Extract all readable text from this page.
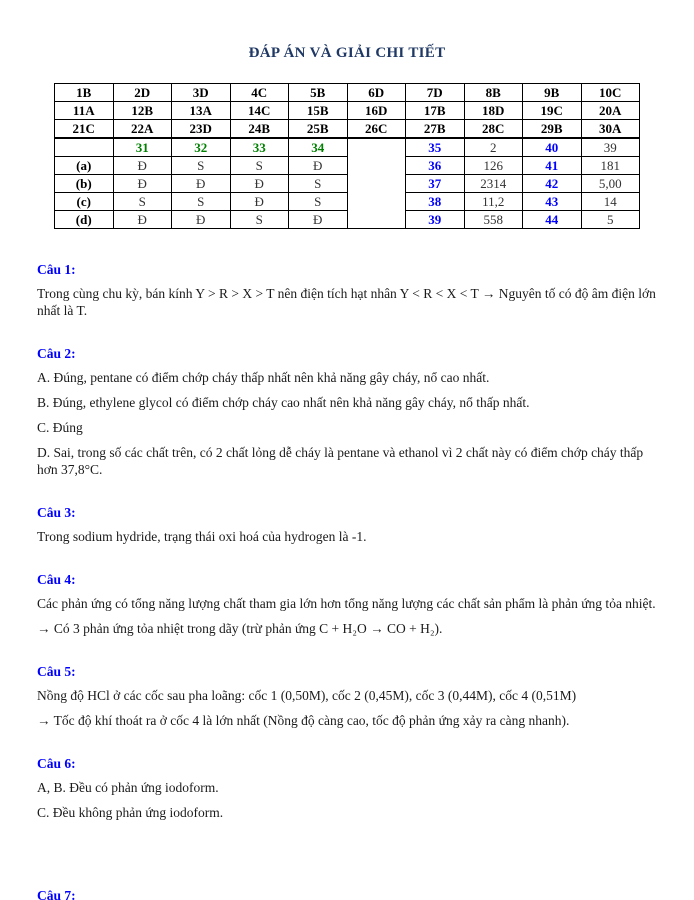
ĐÁP ÁN VÀ GIẢI CHI TIẾT
1B	2D	3D	4C	5B	6D	7D	8B	9B	10C
11A	12B	13A	14C	15B	16D	17B	18D	19C	20A
21C	22A	23D	24B	25B	26C	27B	28C	29B	30A
	31	32	33	34		35	2	40	39
(a)	Đ	S	S	Đ		36	126	41	181
(b)	Đ	Đ	Đ	S		37	2314	42	5,00
(c)	S	S	Đ	S		38	11,2	43	14
(d)	Đ	Đ	S	Đ		39	558	44	5
Câu 1:
Trong cùng chu kỳ, bán kính Y > R > X > T nên điện tích hạt nhân Y < R < X < T → Nguyên tố có độ âm điện lớn nhất là T.
Câu 2:
A. Đúng, pentane có điểm chớp cháy thấp nhất nên khả năng gây cháy, nổ cao nhất.
B. Đúng, ethylene glycol có điểm chớp cháy cao nhất nên khả năng gây cháy, nổ thấp nhất.
C. Đúng
D. Sai, trong số các chất trên, có 2 chất lỏng dễ cháy là pentane và ethanol vì 2 chất này có điểm chớp cháy thấp hơn 37,8°C.
Câu 3:
Trong sodium hydride, trạng thái oxi hoá của hydrogen là -1.
Câu 4:
Các phản ứng có tổng năng lượng chất tham gia lớn hơn tổng năng lượng các chất sản phẩm là phản ứng tỏa nhiệt.
→ Có 3 phản ứng tỏa nhiệt trong dãy (trừ phản ứng C + H₂O → CO + H₂).
Câu 5:
Nồng độ HCl ở các cốc sau pha loãng: cốc 1 (0,50M), cốc 2 (0,45M), cốc 3 (0,44M), cốc 4 (0,51M)
→ Tốc độ khí thoát ra ở cốc 4 là lớn nhất (Nồng độ càng cao, tốc độ phản ứng xảy ra càng nhanh).
Câu 6:
A, B. Đều có phản ứng iodoform.
C. Đều không phản ứng iodoform.
Câu 7:
